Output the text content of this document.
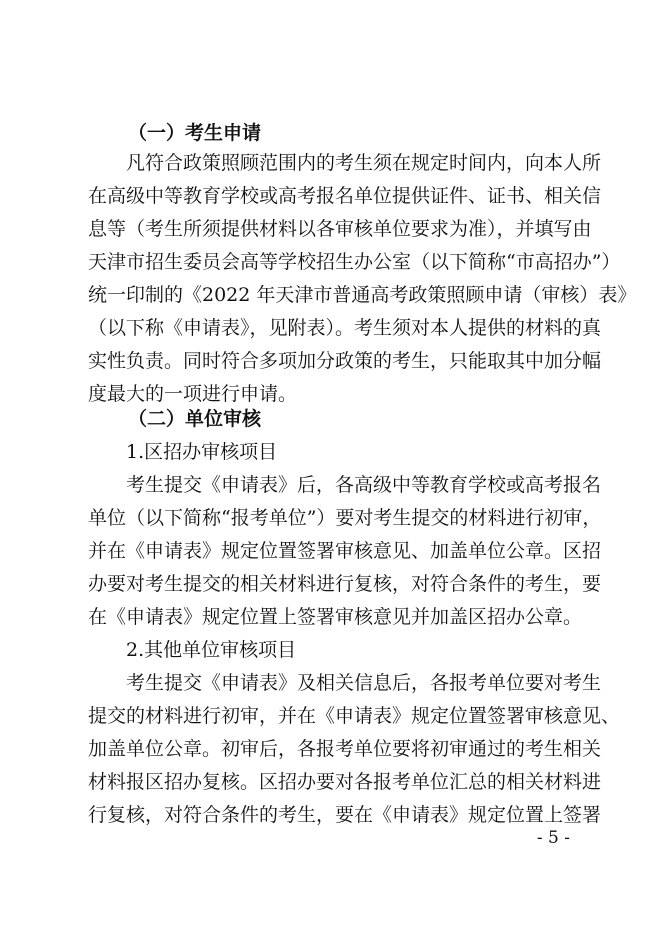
（一）考生申请
凡符合政策照顾范围内的考生须在规定时间内，向本人所
在高级中等教育学校或高考报名单位提供证件、证书、相关信
息等（考生所须提供材料以各审核单位要求为准），并填写由
天津市招生委员会高等学校招生办公室（以下简称“市高招办”）
统一印制的《2022 年天津市普通高考政策照顾申请（审核）表》
（以下称《申请表》，见附表）。考生须对本人提供的材料的真
实性负责。同时符合多项加分政策的考生，只能取其中加分幅
度最大的一项进行申请。
（二）单位审核
1.区招办审核项目
考生提交《申请表》后，各高级中等教育学校或高考报名
单位（以下简称“报考单位”）要对考生提交的材料进行初审，
并在《申请表》规定位置签署审核意见、加盖单位公章。区招
办要对考生提交的相关材料进行复核，对符合条件的考生，要
在《申请表》规定位置上签署审核意见并加盖区招办公章。
2.其他单位审核项目
考生提交《申请表》及相关信息后，各报考单位要对考生
提交的材料进行初审，并在《申请表》规定位置签署审核意见、
加盖单位公章。初审后，各报考单位要将初审通过的考生相关
材料报区招办复核。区招办要对各报考单位汇总的相关材料进
行复核，对符合条件的考生，要在《申请表》规定位置上签署
- 5 -
